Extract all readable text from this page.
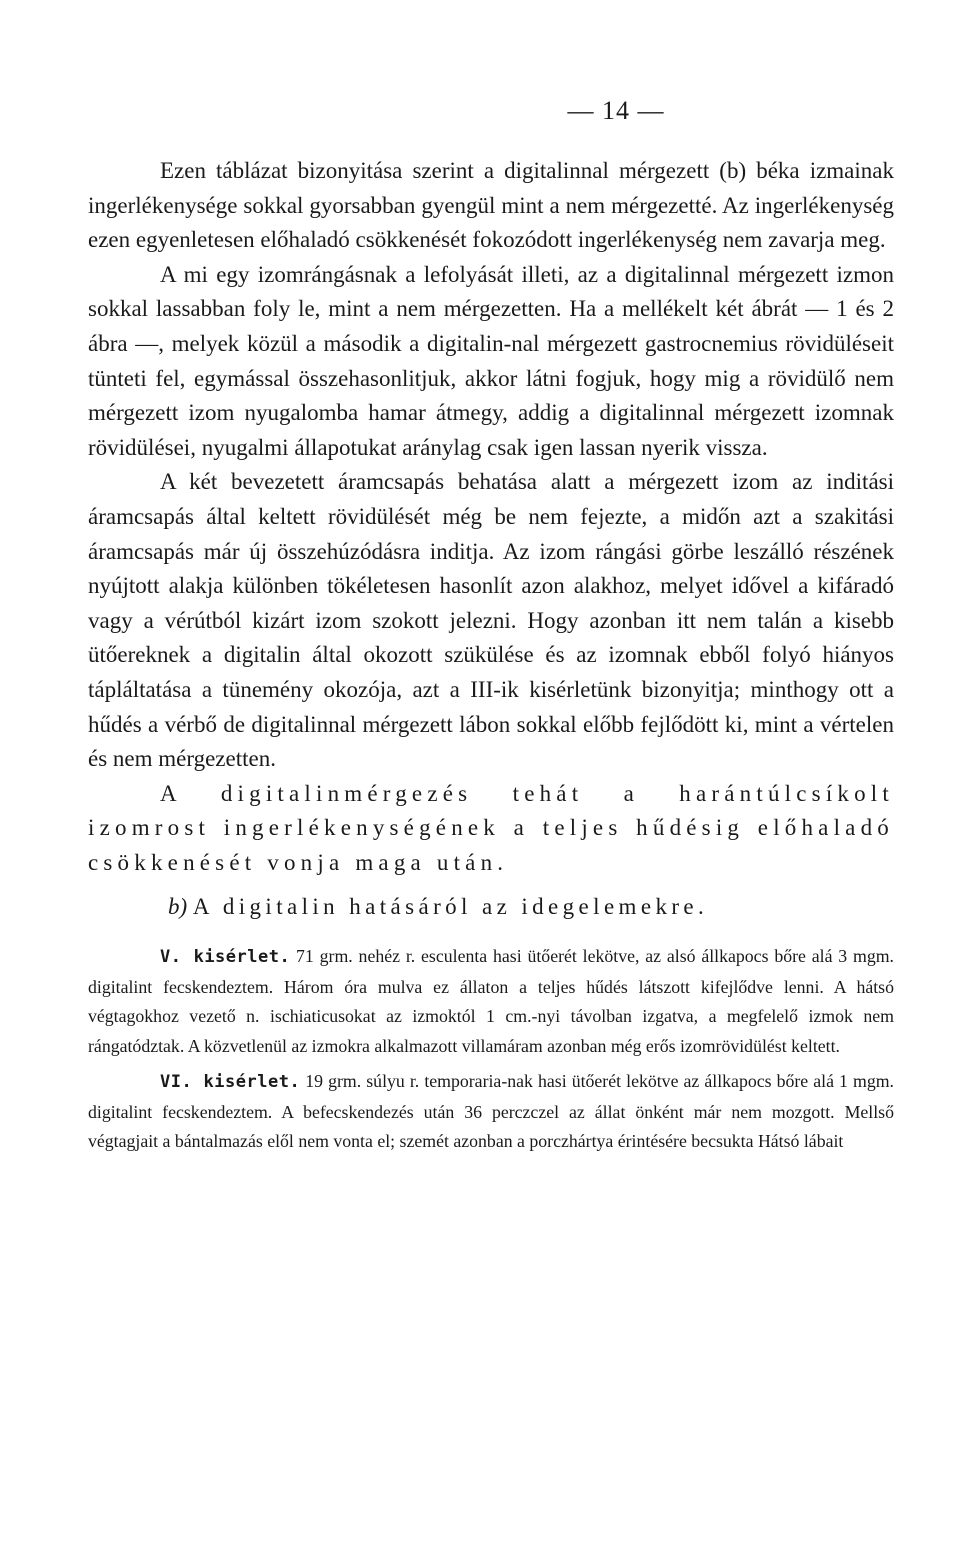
— 14 —

Ezen táblázat bizonyitása szerint a digitalinnal mérgezett (b) béka izmainak ingerlékenysége sokkal gyorsabban gyengül mint a nem mérgezetté. Az ingerlékenység ezen egyenletesen előhaladó csökkenését fokozódott ingerlékenység nem zavarja meg.

A mi egy izomrángásnak a lefolyását illeti, az a digitalinnal mérgezett izmon sokkal lassabban foly le, mint a nem mérgezetten. Ha a mellékelt két ábrát — 1 és 2 ábra —, melyek közül a második a digitalin-nal mérgezett gastrocnemius rövidüléseit tünteti fel, egymással összehasonlitjuk, akkor látni fogjuk, hogy mig a rövidülő nem mérgezett izom nyugalomba hamar átmegy, addig a digitalinnal mérgezett izomnak rövidülései, nyugalmi állapotukat aránylag csak igen lassan nyerik vissza.

A két bevezetett áramcsapás behatása alatt a mérgezett izom az inditási áramcsapás által keltett rövidülését még be nem fejezte, a midőn azt a szakitási áramcsapás már új összehúzódásra inditja. Az izom rángási görbe leszálló részének nyújtott alakja különben tökéletesen hasonlít azon alakhoz, melyet idővel a kifáradó vagy a vérútból kizárt izom szokott jelezni. Hogy azonban itt nem talán a kisebb ütőereknek a digitalin által okozott szükülése és az izomnak ebből folyó hiányos tápláltatása a tünemény okozója, azt a III-ik kisérletünk bizonyitja; minthogy ott a hűdés a vérbő de digitalinnal mérgezett lábon sokkal előbb fejlődött ki, mint a vértelen és nem mérgezetten.

A digitalinmérgezés tehát a harántúlcsíkolt izomrost ingerlékenységének a teljes hűdésig előhaladó csökkenését vonja maga után.

b) A digitalin hatásáról az idegelemekre.

V. kisérlet. 71 grm. nehéz r. esculenta hasi ütőerét lekötve, az alsó állkapocs bőre alá 3 mgm. digitalint fecskendeztem. Három óra mulva ez állaton a teljes hűdés látszott kifejlődve lenni. A hátsó végtagokhoz vezető n. ischiaticusokat az izmoktól 1 cm.-nyi távolban izgatva, a megfelelő izmok nem rángatództak. A közvetlenül az izmokra alkalmazott villamáram azonban még erős izomrövidülést keltett.

VI. kisérlet. 19 grm. súlyu r. temporaria-nak hasi ütőerét lekötve az állkapocs bőre alá 1 mgm. digitalint fecskendeztem. A befecskendezés után 36 perczczel az állat önként már nem mozgott. Mellső végtagjait a bántalmazás elől nem vonta el; szemét azonban a porczhártya érintésére becsukta Hátsó lábait
